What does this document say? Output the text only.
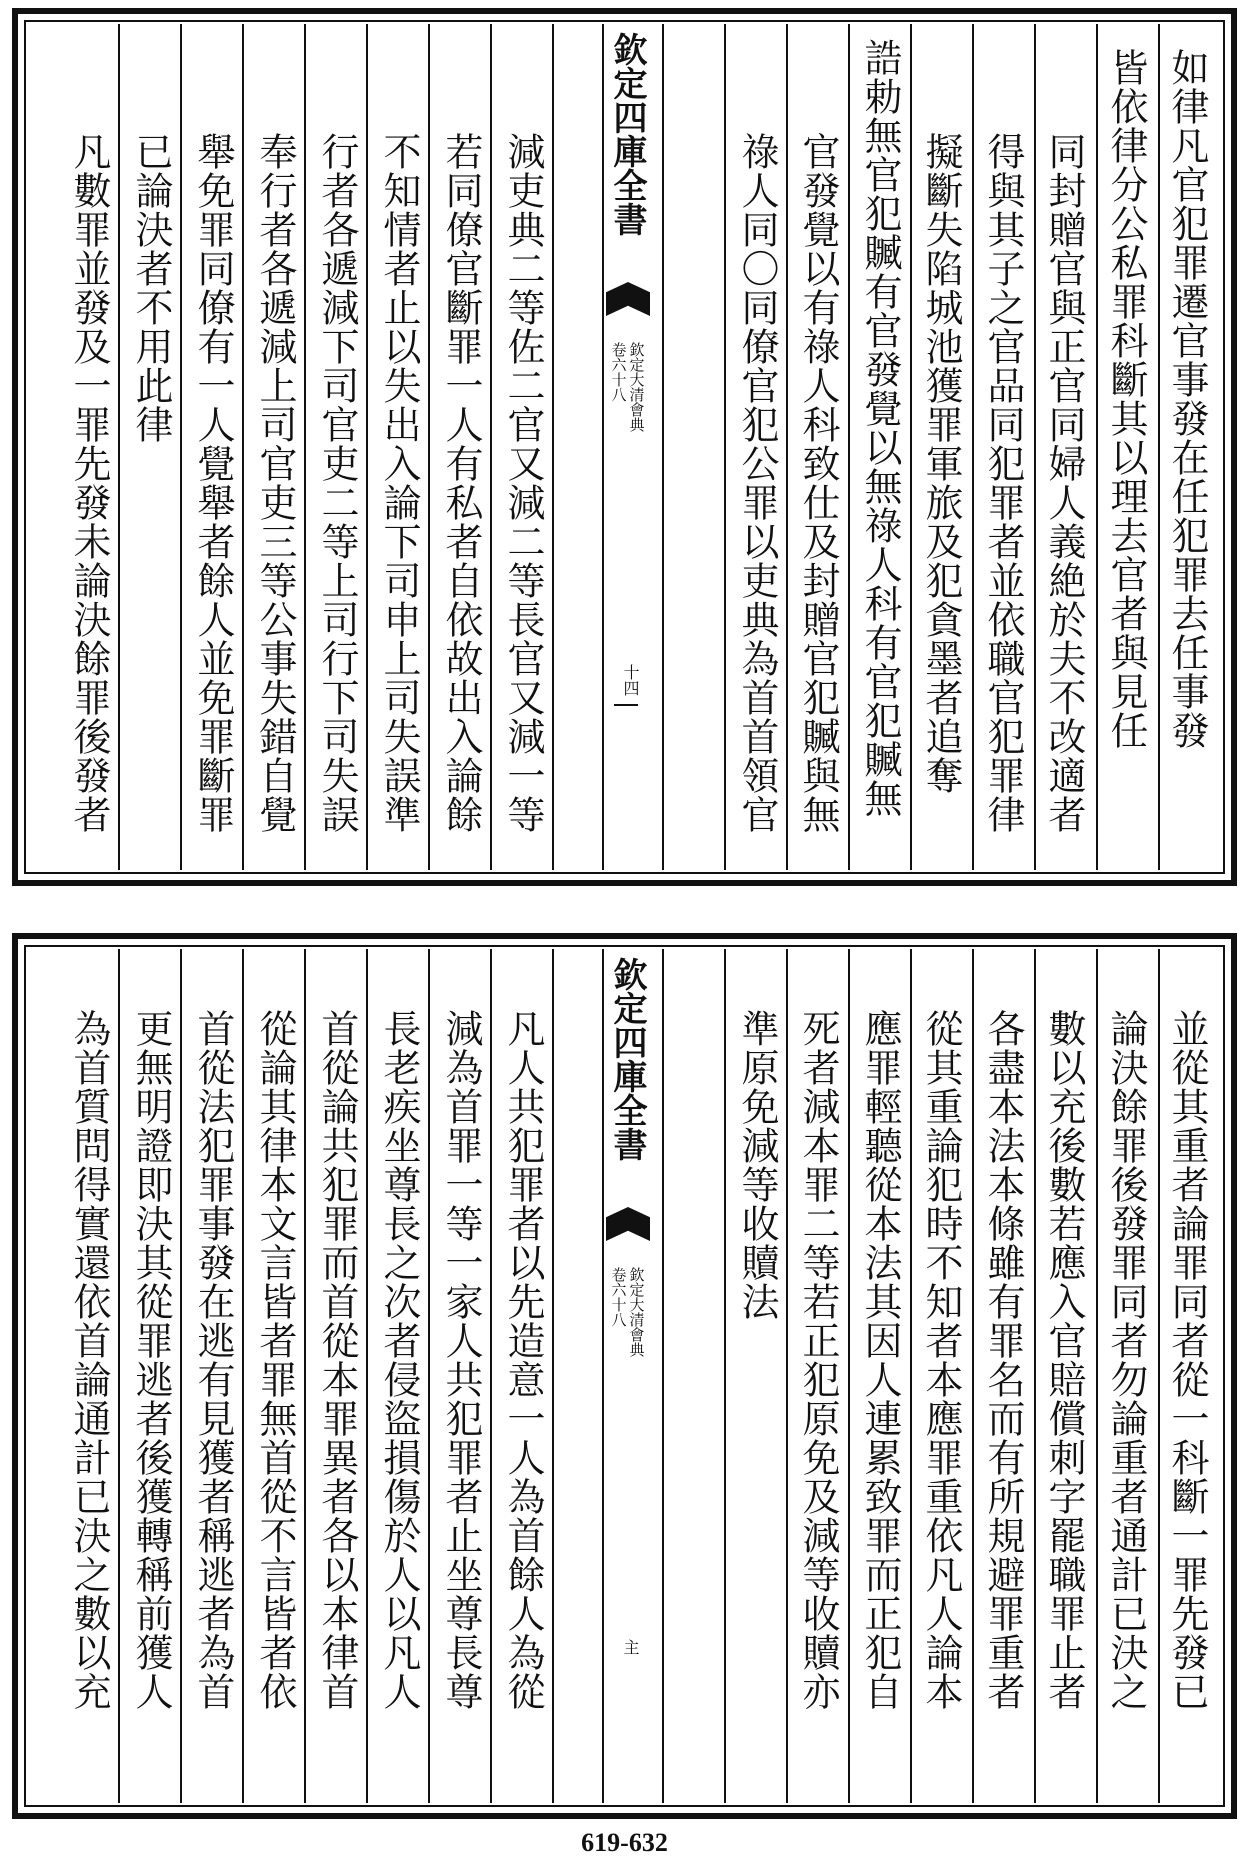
如律凡官犯罪遷官事發在任犯罪去任事發
皆依律分公私罪科斷其以理去官者與見任
同封贈官與正官同婦人義絶於夫不改適者
得與其子之官品同犯罪者並依職官犯罪律
擬斷失陷城池獲罪軍旅及犯貪墨者追奪
誥勅無官犯贓有官發覺以無祿人科有官犯贓無
官發覺以有祿人科致仕及封贈官犯贓與無
祿人同〇同僚官犯公罪以吏典為首首領官
欽定四庫全書
欽定大清會典
卷六十八
十四
減吏典二等佐二官又減二等長官又減一等
若同僚官斷罪一人有私者自依故出入論餘
不知情者止以失出入論下司申上司失誤準
行者各遞減下司官吏二等上司行下司失誤
奉行者各遞減上司官吏三等公事失錯自覺
舉免罪同僚有一人覺舉者餘人並免罪斷罪
已論決者不用此律
凡數罪並發及一罪先發未論決餘罪後發者
並從其重者論罪同者從一科斷一罪先發已
論決餘罪後發罪同者勿論重者通計已決之
數以充後數若應入官賠償刺字罷職罪止者
各盡本法本條雖有罪名而有所規避罪重者
從其重論犯時不知者本應罪重依凡人論本
應罪輕聽從本法其因人連累致罪而正犯自
死者減本罪二等若正犯原免及減等收贖亦
準原免減等收贖法
欽定四庫全書
欽定大清會典
卷六十八
主
凡人共犯罪者以先造意一人為首餘人為從
減為首罪一等一家人共犯罪者止坐尊長尊
長老疾坐尊長之次者侵盜損傷於人以凡人
首從論共犯罪而首從本罪異者各以本律首
從論其律本文言皆者罪無首從不言皆者依
首從法犯罪事發在逃有見獲者稱逃者為首
更無明證即決其從罪逃者後獲轉稱前獲人
為首質問得實還依首論通計已決之數以充
619-632
